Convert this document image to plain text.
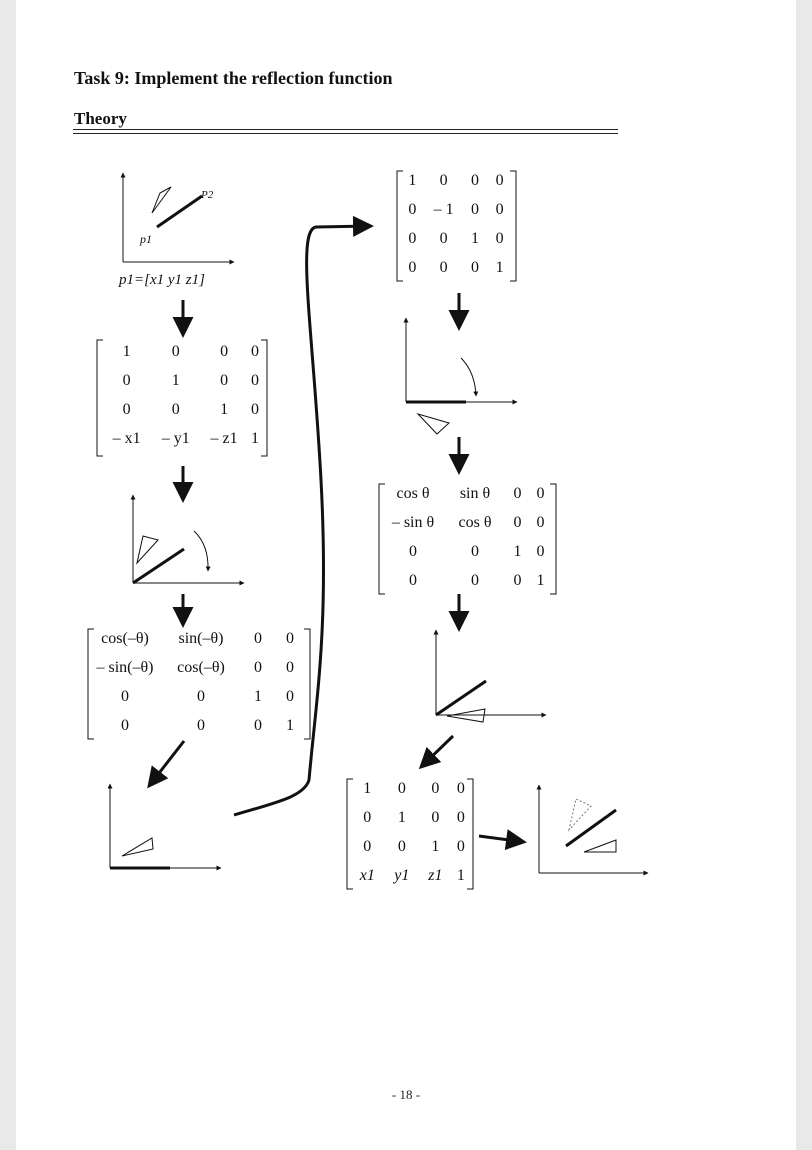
Task 9: Implement the reflection function
Theory
P2
p1
p1=[x1 y1 z1]
1	0	0	0
0	1	0	0
0	0	1	0
– x1	– y1	– z1	1
cos(–θ)	sin(–θ)	0	0
– sin(–θ)	cos(–θ)	0	0
0	0	1	0
0	0	0	1
1	0	0	0
0	– 1	0	0
0	0	1	0
0	0	0	1
cos θ	sin θ	0	0
– sin θ	cos θ	0	0
0	0	1	0
0	0	0	1
1	0	0	0
0	1	0	0
0	0	1	0
x1	y1	z1	1
- 18 -
